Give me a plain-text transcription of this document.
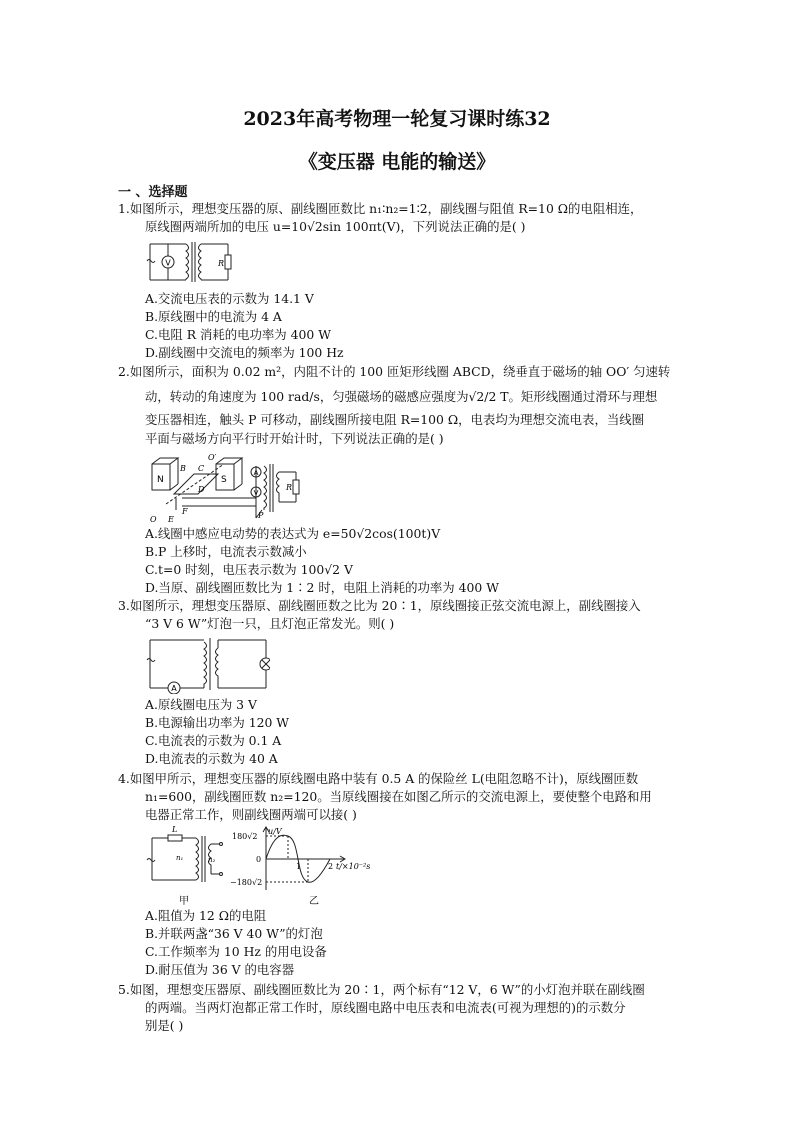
2023年高考物理一轮复习课时练32
《变压器 电能的输送》
一 、选择题
1.如图所示，理想变压器的原、副线圈匝数比 n₁∶n₂=1∶2，副线圈与阻值 R=10 Ω的电阻相连，
原线圈两端所加的电压 u=10√2sin 100πt(V)，下列说法正确的是( )
V	R
A.交流电压表的示数为 14.1 V
B.原线圈中的电流为 4 A
C.电阻 R 消耗的电功率为 400 W
D.副线圈中交流电的频率为 100 Hz
2.如图所示，面积为 0.02 m²，内阻不计的 100 匝矩形线圈 ABCD，绕垂直于磁场的轴 OO′ 匀速转
动，转动的角速度为 100 rad/s，匀强磁场的磁感应强度为√2/2 T。矩形线圈通过滑环与理想
变压器相连，触头 P 可移动，副线圈所接电阻 R=100 Ω，电表均为理想交流电表，当线圈
平面与磁场方向平行时开始计时，下列说法正确的是( )
N	S
B C
D
O′
A
V
R
P
O E
F
A.线圈中感应电动势的表达式为 e=50√2cos(100t)V
B.P 上移时，电流表示数减小
C.t=0 时刻，电压表示数为 100√2 V
D.当原、副线圈匝数比为 1∶2 时，电阻上消耗的功率为 400 W
3.如图所示，理想变压器原、副线圈匝数之比为 20∶1，原线圈接正弦交流电源上，副线圈接入
“3 V 6 W”灯泡一只，且灯泡正常发光。则( )
A
A.原线圈电压为 3 V
B.电源输出功率为 120 W
C.电流表的示数为 0.1 A
D.电流表的示数为 40 A
4.如图甲所示，理想变压器的原线圈电路中装有 0.5 A 的保险丝 L(电阻忽略不计)，原线圈匝数
n₁=600，副线圈匝数 n₂=120。当原线圈接在如图乙所示的交流电源上，要使整个电路和用
电器正常工作，则副线圈两端可以接( )
L
n₁	n₂
甲
u/V
180√2
0
−180√2
1	2 t/×10⁻²s
乙
A.阻值为 12 Ω的电阻
B.并联两盏“36 V 40 W”的灯泡
C.工作频率为 10 Hz 的用电设备
D.耐压值为 36 V 的电容器
5.如图，理想变压器原、副线圈匝数比为 20∶1，两个标有“12 V，6 W”的小灯泡并联在副线圈
的两端。当两灯泡都正常工作时，原线圈电路中电压表和电流表(可视为理想的)的示数分
别是( )
